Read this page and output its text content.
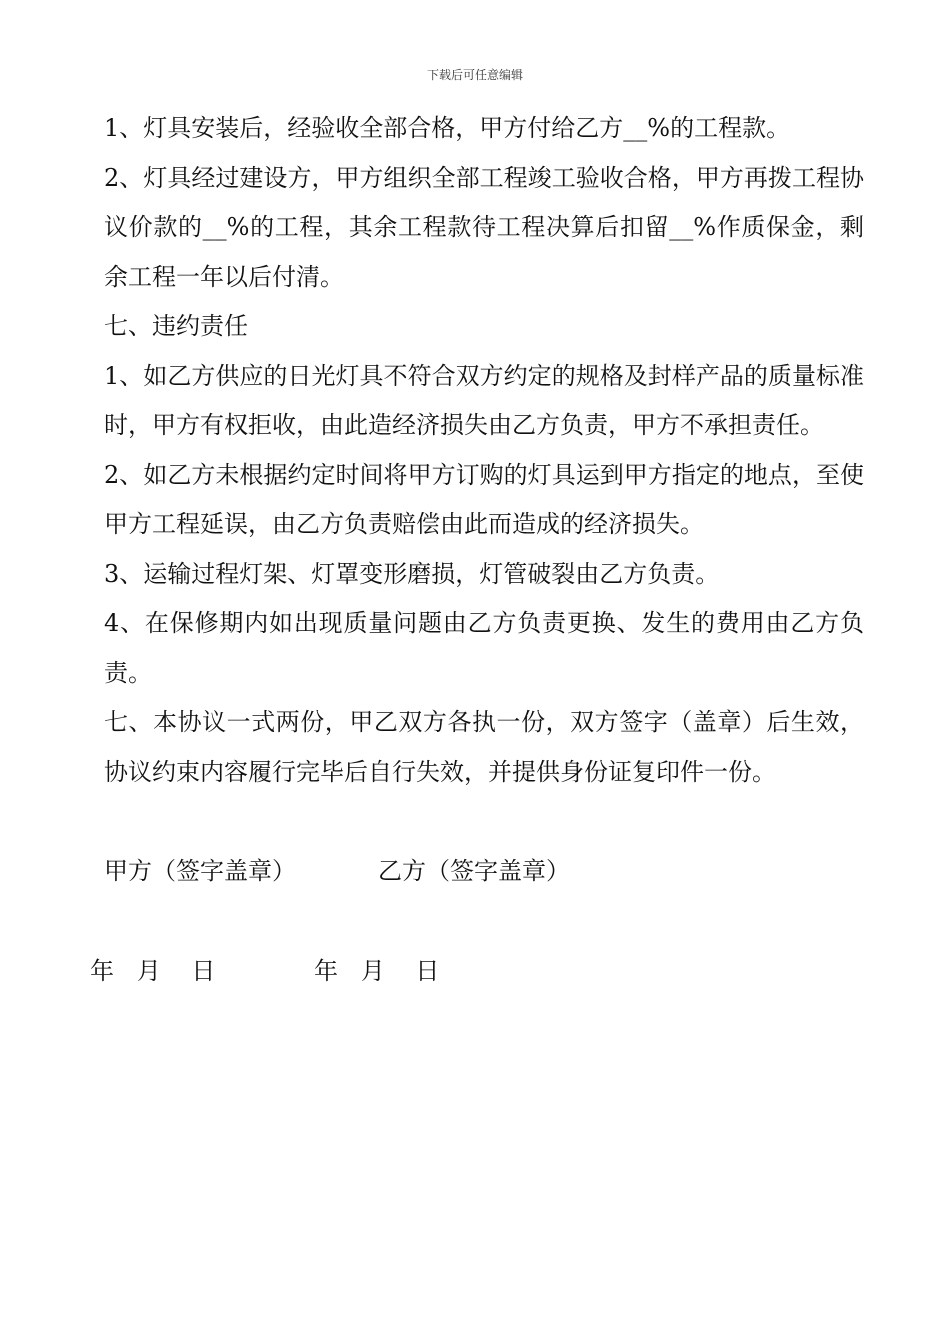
下载后可任意编辑

1、灯具安装后，经验收全部合格，甲方付给乙方__%的工程款。

2、灯具经过建设方，甲方组织全部工程竣工验收合格，甲方再拨工程协议价款的__%的工程，其余工程款待工程决算后扣留__%作质保金，剩余工程一年以后付清。

七、违约责任

1、如乙方供应的日光灯具不符合双方约定的规格及封样产品的质量标准时，甲方有权拒收，由此造经济损失由乙方负责，甲方不承担责任。

2、如乙方未根据约定时间将甲方订购的灯具运到甲方指定的地点，至使甲方工程延误，由乙方负责赔偿由此而造成的经济损失。

3、运输过程灯架、灯罩变形磨损，灯管破裂由乙方负责。

4、在保修期内如出现质量问题由乙方负责更换、发生的费用由乙方负责。

七、本协议一式两份，甲乙双方各执一份，双方签字（盖章）后生效，协议约束内容履行完毕后自行失效，并提供身份证复印件一份。

甲方（签字盖章）	乙方（签字盖章）
年   月    日	年   月    日
